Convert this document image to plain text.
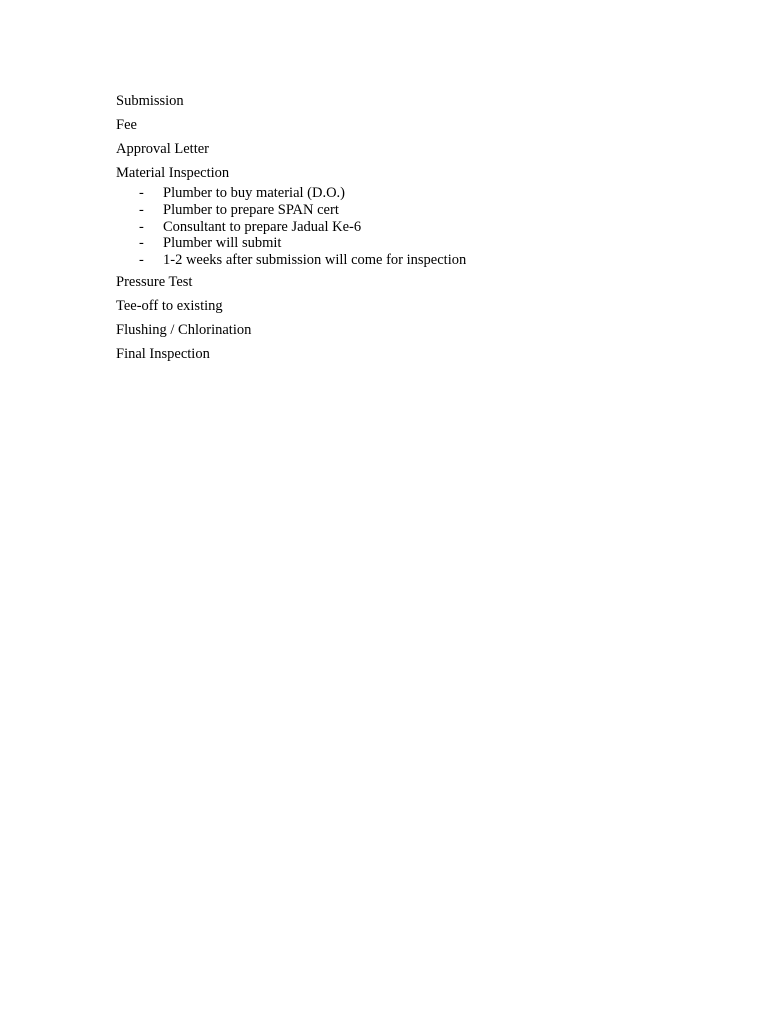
Submission

Fee

Approval Letter

Material Inspection

- Plumber to buy material (D.O.)
- Plumber to prepare SPAN cert
- Consultant to prepare Jadual Ke-6
- Plumber will submit
- 1-2 weeks after submission will come for inspection

Pressure Test

Tee-off to existing

Flushing / Chlorination

Final Inspection
